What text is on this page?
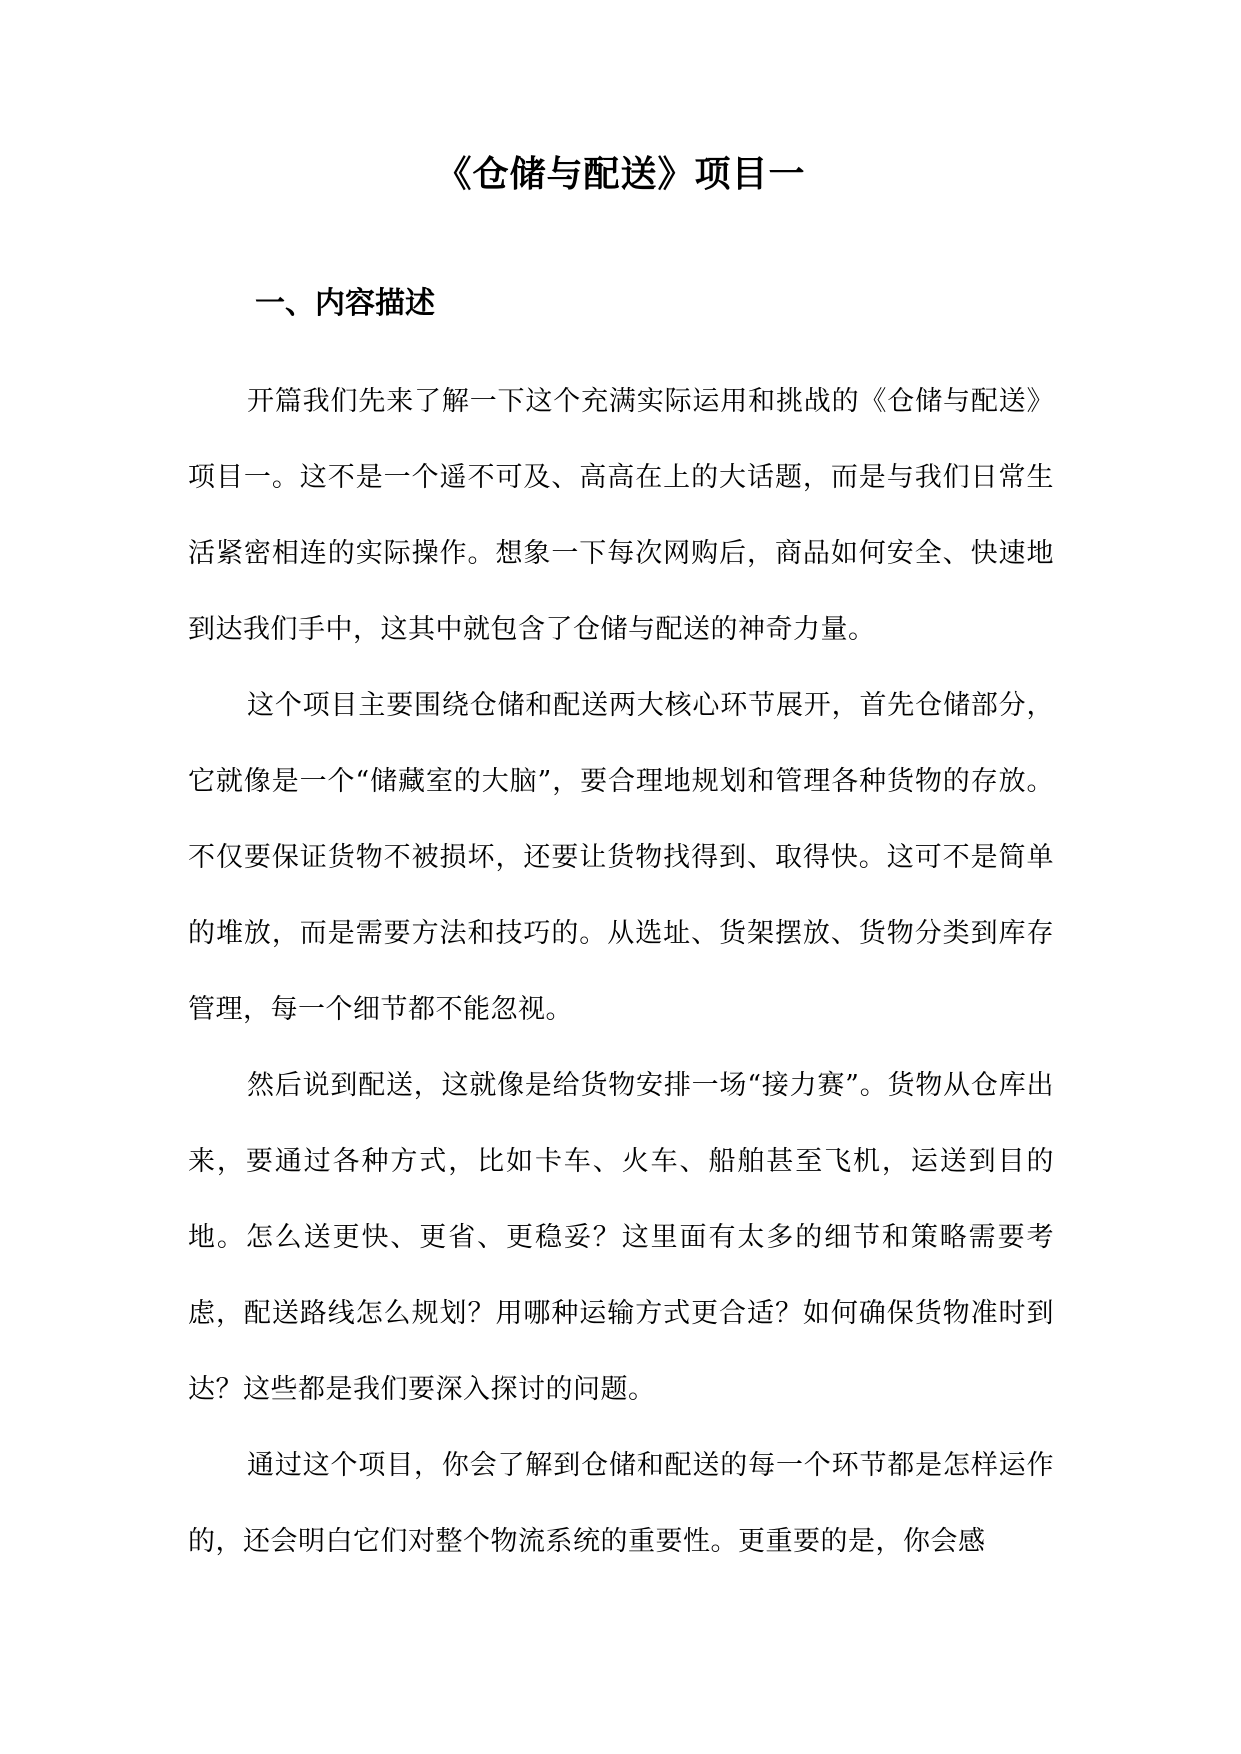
《仓储与配送》项目一
一、内容描述

开篇我们先来了解一下这个充满实际运用和挑战的《仓储与配送》项目一。这不是一个遥不可及、高高在上的大话题，而是与我们日常生活紧密相连的实际操作。想象一下每次网购后，商品如何安全、快速地到达我们手中，这其中就包含了仓储与配送的神奇力量。

这个项目主要围绕仓储和配送两大核心环节展开，首先仓储部分，它就像是一个“储藏室的大脑”，要合理地规划和管理各种货物的存放。不仅要保证货物不被损坏，还要让货物找得到、取得快。这可不是简单的堆放，而是需要方法和技巧的。从选址、货架摆放、货物分类到库存管理，每一个细节都不能忽视。

然后说到配送，这就像是给货物安排一场“接力赛”。货物从仓库出来，要通过各种方式，比如卡车、火车、船舶甚至飞机，运送到目的地。怎么送更快、更省、更稳妥？这里面有太多的细节和策略需要考虑，配送路线怎么规划？用哪种运输方式更合适？如何确保货物准时到达？这些都是我们要深入探讨的问题。

通过这个项目，你会了解到仓储和配送的每一个环节都是怎样运作的，还会明白它们对整个物流系统的重要性。更重要的是，你会感
